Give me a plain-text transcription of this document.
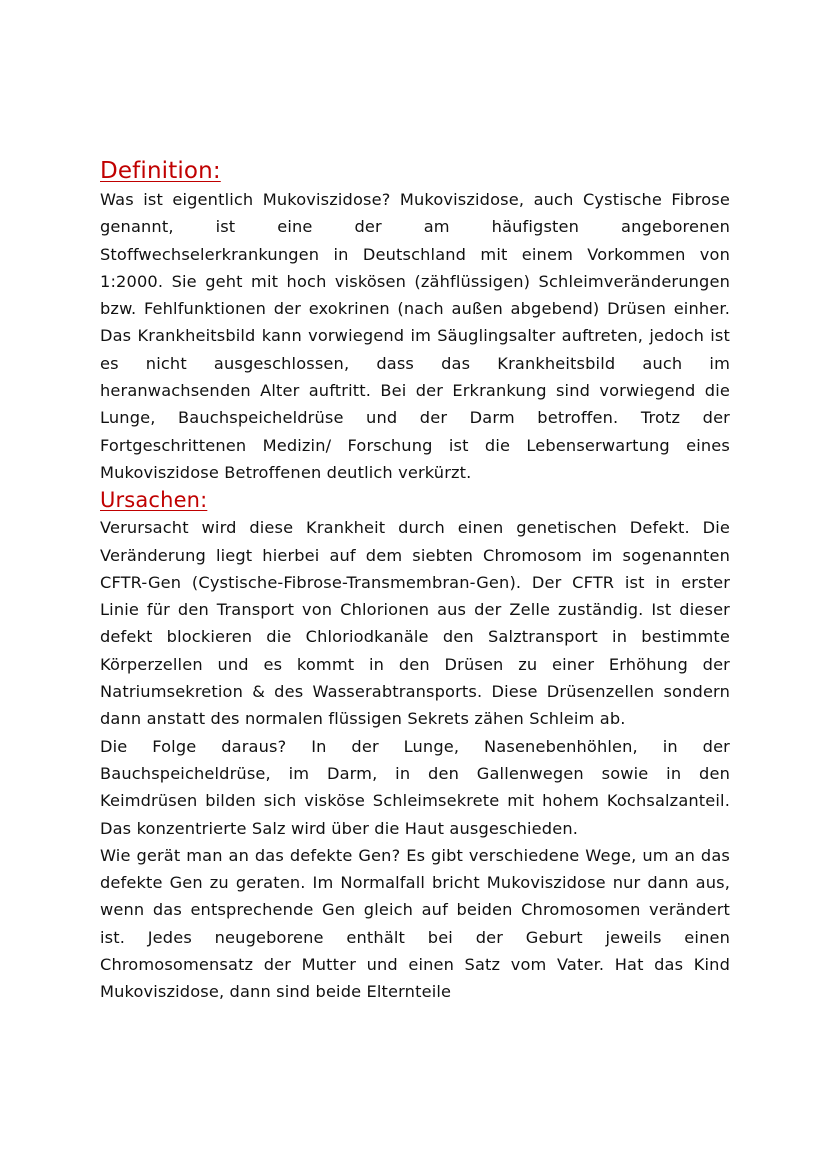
Definition:

Was ist eigentlich Mukoviszidose? Mukoviszidose, auch Cystische Fibrose genannt, ist eine der am häufigsten angeborenen Stoffwechselerkrankungen in Deutschland mit einem Vorkommen von 1:2000. Sie geht mit hoch viskösen (zähflüssigen) Schleimveränderungen bzw. Fehlfunktionen der exokrinen (nach außen abgebend) Drüsen einher. Das Krankheitsbild kann vorwiegend im Säuglingsalter auftreten, jedoch ist es nicht ausgeschlossen, dass das Krankheitsbild auch im heranwachsenden Alter auftritt. Bei der Erkrankung sind vorwiegend die Lunge, Bauchspeicheldrüse und der Darm betroffen. Trotz der Fortgeschrittenen Medizin/ Forschung ist die Lebenserwartung eines Mukoviszidose Betroffenen deutlich verkürzt.

Ursachen:

Verursacht wird diese Krankheit durch einen genetischen Defekt. Die Veränderung liegt hierbei auf dem siebten Chromosom im sogenannten CFTR-Gen (Cystische-Fibrose-Transmembran-Gen). Der CFTR ist in erster Linie für den Transport von Chlorionen aus der Zelle zuständig. Ist dieser defekt blockieren die Chloriodkanäle den Salztransport in bestimmte Körperzellen und es kommt in den Drüsen zu einer Erhöhung der Natriumsekretion & des Wasserabtransports. Diese Drüsenzellen sondern dann anstatt des normalen flüssigen Sekrets zähen Schleim ab.

Die Folge daraus? In der Lunge, Nasenebenhöhlen, in der Bauchspeicheldrüse, im Darm, in den Gallenwegen sowie in den Keimdrüsen bilden sich visköse Schleimsekrete mit hohem Kochsalzanteil. Das konzentrierte Salz wird über die Haut ausgeschieden.

Wie gerät man an das defekte Gen? Es gibt verschiedene Wege, um an das defekte Gen zu geraten. Im Normalfall bricht Mukoviszidose nur dann aus, wenn das entsprechende Gen gleich auf beiden Chromosomen verändert ist. Jedes neugeborene enthält bei der Geburt jeweils einen Chromosomensatz der Mutter und einen Satz vom Vater. Hat das Kind Mukoviszidose, dann sind beide Elternteile
